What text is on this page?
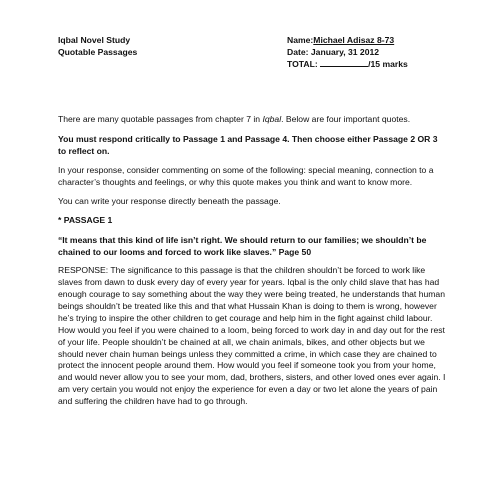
Iqbal Novel Study
Quotable Passages
Name:Michael Adisaz 8-73
Date: January, 31 2012
TOTAL:	/15 marks

There are many quotable passages from chapter 7 in Iqbal. Below are four important quotes.

You must respond critically to Passage 1 and Passage 4. Then choose either Passage 2 OR 3 to reflect on.

In your response, consider commenting on some of the following: special meaning, connection to a character’s thoughts and feelings, or why this quote makes you think and want to know more.

You can write your response directly beneath the passage.

* PASSAGE 1

“It means that this kind of life isn’t right. We should return to our families; we shouldn’t be chained to our looms and forced to work like slaves.” Page 50

RESPONSE: The significance to this passage is that the children shouldn’t be forced to work like slaves from dawn to dusk every day of every year for years. Iqbal is the only child slave that has had enough courage to say something about the way they were being treated, he understands that human beings shouldn’t be treated like this and that what Hussain Khan is doing to them is wrong, however he’s trying to inspire the other children to get courage and help him in the fight against child labour. How would you feel if you were chained to a loom, being forced to work day in and day out for the rest of your life. People shouldn’t be chained at all, we chain animals, bikes, and other objects but we should never chain human beings unless they committed a crime, in which case they are chained to protect the innocent people around them. How would you feel if someone took you from your home, and would never allow you to see your mom, dad, brothers, sisters, and other loved ones ever again. I am very certain you would not enjoy the experience for even a day or two let alone the years of pain and suffering the children have had to go through.
